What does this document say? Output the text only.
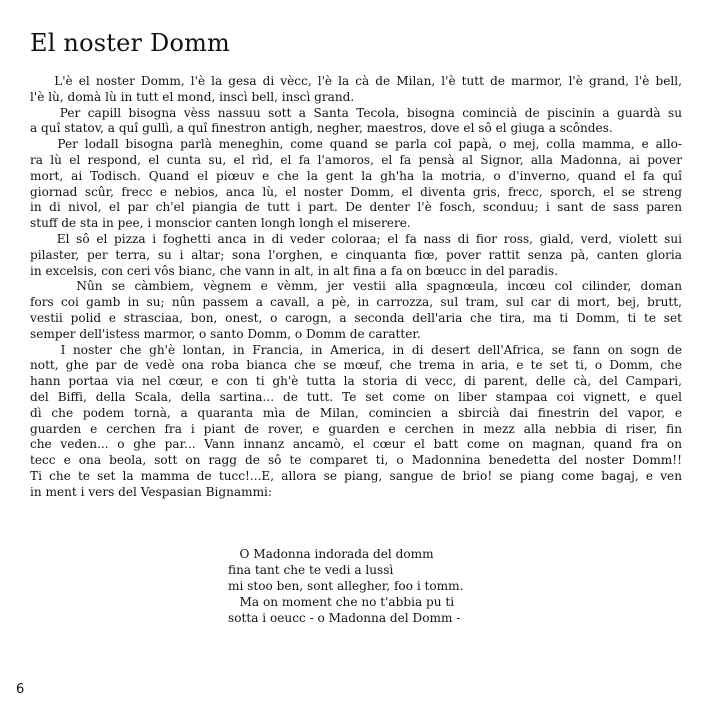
El noster Domm
L'è el noster Domm, l'è la gesa di vècc, l'è la cà de Milan, l'è tutt de marmor, l'è grand, l'è bell,
l'è lù, domà lù in tutt el mond, inscì bell, inscì grand.
Per capill bisogna vèss nassuu sott a Santa Tecola, bisogna comincià de piscinin a guardà su
a quî statov, a quî gullì, a quî finestron antigh, negher, maestros, dove el sô el giuga a scôndes.
Per lodall bisogna parlà meneghin, come quand se parla col papà, o mej, colla mamma, e allo-
ra lù el respond, el cunta su, el rìd, el fa l'amoros, el fa pensà al Signor, alla Madonna, ai pover
mort, ai Todisch. Quand el piœuv e che la gent la gh'ha la motria, o d'inverno, quand el fa quî
giornad scûr, frecc e nebios, anca lù, el noster Domm, el diventa gris, frecc, sporch, el se streng
in di nivol, el par ch'el piangia de tutt i part. De denter l'è fosch, sconduu; i sant de sass paren
stuff de sta in pee, i monscior canten longh longh el miserere.
El sô el pizza i foghetti anca in di veder coloraa; el fa nass di fior ross, giald, verd, violett sui
pilaster, per terra, su i altar; sona l'orghen, e cinquanta fiœ, pover rattit senza pà, canten gloria
in excelsis, con ceri vôs bianc, che vann in alt, in alt fina a fa on bœucc in del paradis.
Nûn se càmbiem, vègnem e vèmm, jer vestii alla spagnœula, incœu col cilinder, doman
fors coi gamb in su; nûn passem a cavall, a pè, in carrozza, sul tram, sul car di mort, bej, brutt,
vestii polid e strasciaa, bon, onest, o carogn, a seconda dell'aria che tira, ma ti Domm, ti te set
semper dell'istess marmor, o santo Domm, o Domm de caratter.
I noster che gh'è lontan, in Francia, in America, in di desert dell'Africa, se fann on sogn de
nott, ghe par de vedè ona roba bianca che se mœuf, che trema in aria, e te set ti, o Domm, che
hann portaa via nel cœur, e con ti gh'è tutta la storia di vecc, di parent, delle cà, del Campari,
del Biffi, della Scala, della sartina... de tutt. Te set come on liber stampaa coi vignett, e quel
dì che podem tornà, a quaranta mìa de Milan, comincien a sbircià dai finestrin del vapor, e
guarden e cerchen fra i piant de rover, e guarden e cerchen in mezz alla nebbia di riser, fin
che veden... o ghe par... Vann innanz ancamò, el cœur el batt come on magnan, quand fra on
tecc e ona beola, sott on ragg de sô te comparet ti, o Madonnina benedetta del noster Domm!!
Ti che te set la mamma de tucc!...E, allora se piang, sangue de brio! se piang come bagaj, e ven
in ment i vers del Vespasian Bignammi:
O Madonna indorada del domm
fina tant che te vedi a lussì
mi stoo ben, sont allegher, foo i tomm.
Ma on moment che no t'abbia pu ti
sotta i oeucc - o Madonna del Domm -
6
